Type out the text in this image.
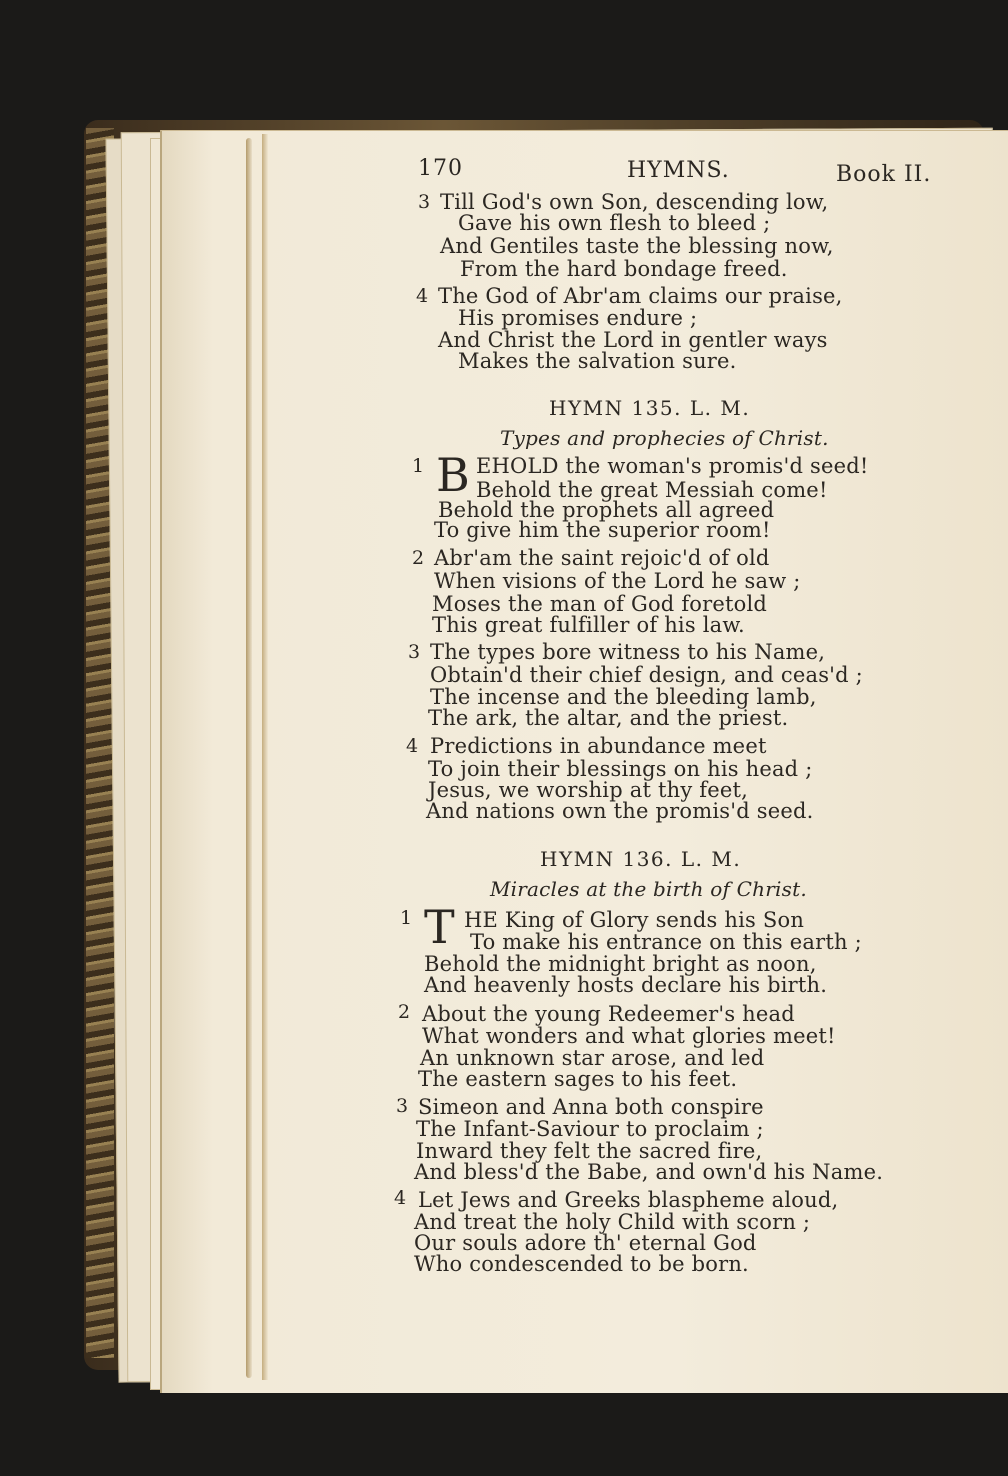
170	HYMNS.	Book II.
3 Till God's own Son, descending low,
Gave his own flesh to bleed ;
And Gentiles taste the blessing now,
From the hard bondage freed.
4 The God of Abr'am claims our praise,
His promises endure ;
And Christ the Lord in gentler ways
Makes the salvation sure.
HYMN 135. L. M.
Types and prophecies of Christ.
1 B EHOLD the woman's promis'd seed!
Behold the great Messiah come!
Behold the prophets all agreed
To give him the superior room!
2 Abr'am the saint rejoic'd of old
When visions of the Lord he saw ;
Moses the man of God foretold
This great fulfiller of his law.
3 The types bore witness to his Name,
Obtain'd their chief design, and ceas'd ;
The incense and the bleeding lamb,
The ark, the altar, and the priest.
4 Predictions in abundance meet
To join their blessings on his head ;
Jesus, we worship at thy feet,
And nations own the promis'd seed.
HYMN 136. L. M.
Miracles at the birth of Christ.
1 T HE King of Glory sends his Son
To make his entrance on this earth ;
Behold the midnight bright as noon,
And heavenly hosts declare his birth.
2 About the young Redeemer's head
What wonders and what glories meet!
An unknown star arose, and led
The eastern sages to his feet.
3 Simeon and Anna both conspire
The Infant-Saviour to proclaim ;
Inward they felt the sacred fire,
And bless'd the Babe, and own'd his Name.
4 Let Jews and Greeks blaspheme aloud,
And treat the holy Child with scorn ;
Our souls adore th' eternal God
Who condescended to be born.
